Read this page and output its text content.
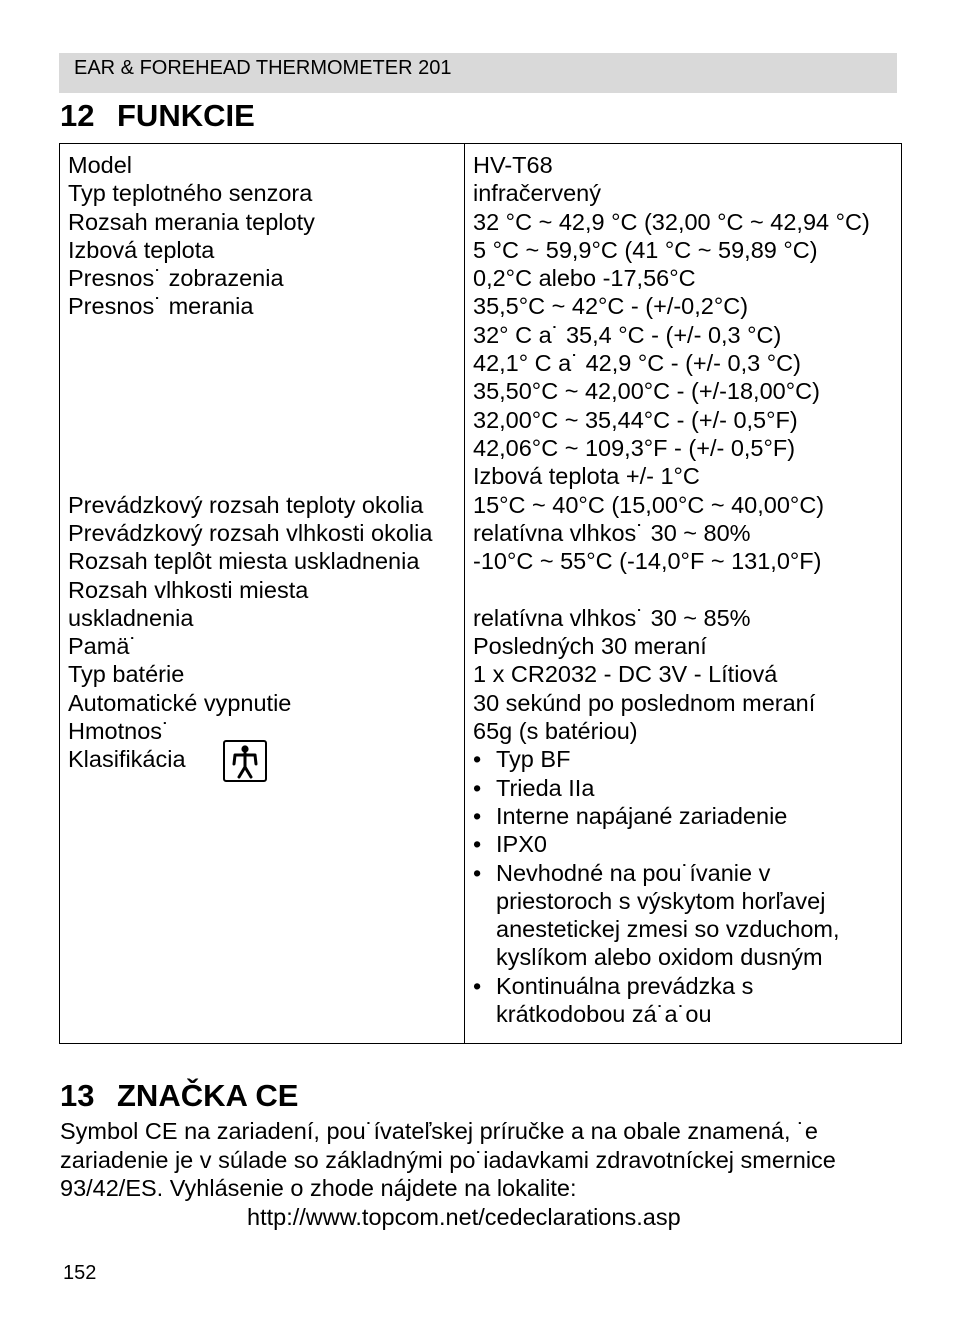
EAR & FOREHEAD THERMOMETER 201
12 FUNKCIE
Model
Typ teplotného senzora
Rozsah merania teploty
Izbová teplota
Presnos˙ zobrazenia
Presnos˙ merania
Prevádzkový rozsah teploty okolia
Prevádzkový rozsah vlhkosti okolia
Rozsah teplôt miesta uskladnenia
Rozsah vlhkosti miesta
uskladnenia
Pamä˙
Typ batérie
Automatické vypnutie
Hmotnos˙
Klasifikácia
HV-T68
infračervený
32 °C ~ 42,9 °C (32,00 °C ~ 42,94 °C)
5 °C ~ 59,9°C (41 °C ~ 59,89 °C)
0,2°C alebo -17,56°C
35,5°C ~ 42°C - (+/-0,2°C)
32° C a˙ 35,4 °C - (+/- 0,3 °C)
42,1° C a˙ 42,9 °C - (+/- 0,3 °C)
35,50°C ~ 42,00°C - (+/-18,00°C)
32,00°C ~ 35,44°C - (+/- 0,5°F)
42,06°C ~ 109,3°F - (+/- 0,5°F)
Izbová teplota +/- 1°C
15°C ~ 40°C (15,00°C ~ 40,00°C)
relatívna vlhkos˙ 30 ~ 80%
-10°C ~ 55°C (-14,0°F ~ 131,0°F)
relatívna vlhkos˙ 30 ~ 85%
Posledných 30 meraní
1 x CR2032 - DC 3V - Lítiová
30 sekúnd po poslednom meraní
65g (s batériou)
• Typ BF
• Trieda IIa
• Interne napájané zariadenie
• IPX0
• Nevhodné na pou˙ívanie v
priestoroch s výskytom horľavej
anestetickej zmesi so vzduchom,
kyslíkom alebo oxidom dusným
• Kontinuálna prevádzka s
krátkodobou zá˙a˙ou
13 ZNAČKA CE
Symbol CE na zariadení, pou˙ívateľskej príručke a na obale znamená, ˙e
zariadenie je v súlade so základnými po˙iadavkami zdravotníckej smernice
93/42/ES. Vyhlásenie o zhode nájdete na lokalite:
http://www.topcom.net/cedeclarations.asp
152
